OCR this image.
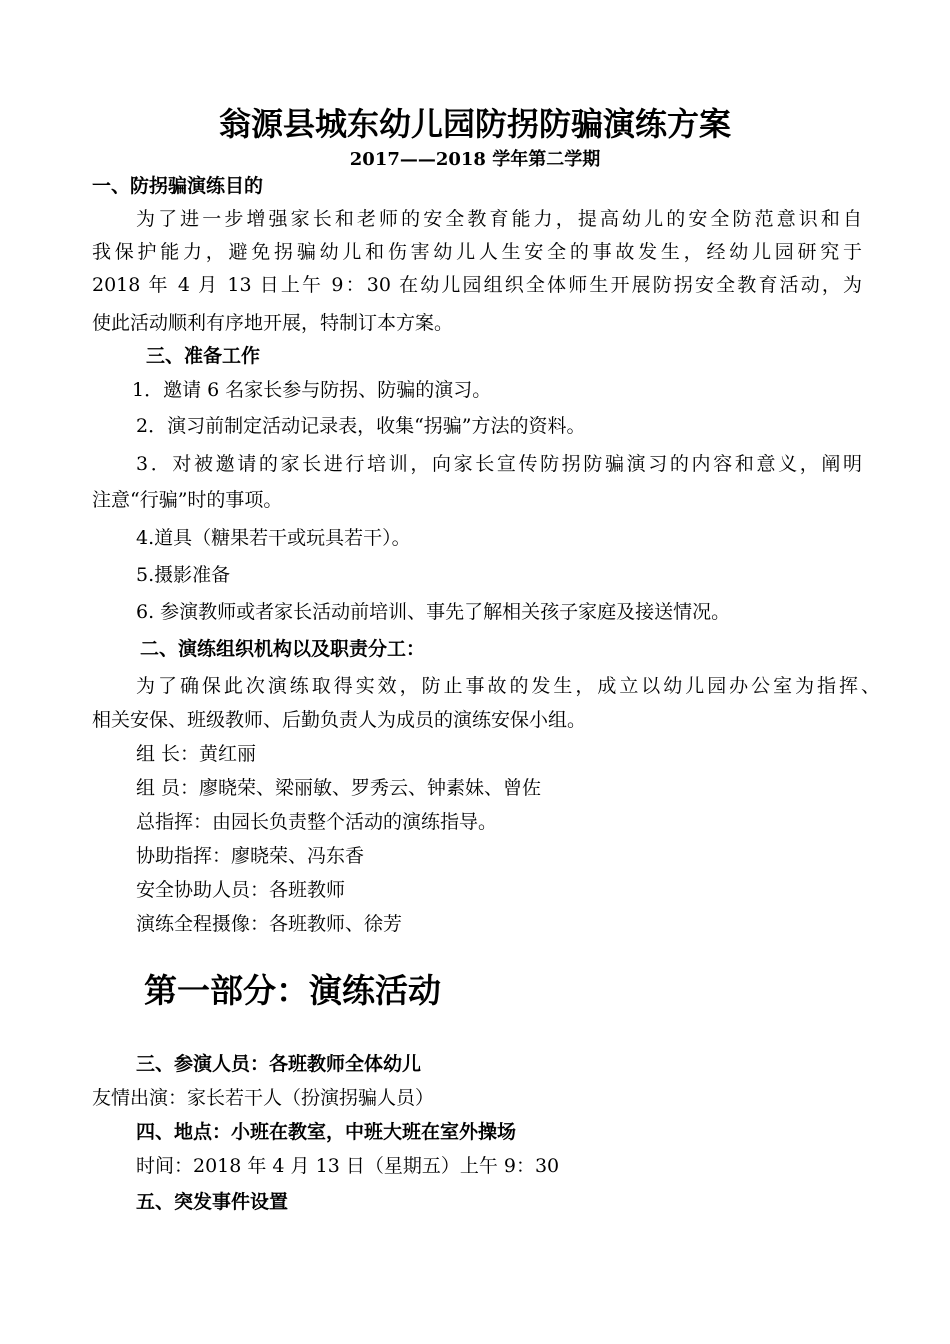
翁源县城东幼儿园防拐防骗演练方案
2017——2018 学年第二学期
一、防拐骗演练目的
为了进一步增强家长和老师的安全教育能力，提高幼儿的安全防范意识和自
我保护能力，避免拐骗幼儿和伤害幼儿人生安全的事故发生，经幼儿园研究于
2018 年 4 月 13 日上午 9：30 在幼儿园组织全体师生开展防拐安全教育活动，为
使此活动顺利有序地开展，特制订本方案。
三、准备工作
1．邀请 6 名家长参与防拐、防骗的演习。
2．演习前制定活动记录表，收集“拐骗”方法的资料。
3．对被邀请的家长进行培训，向家长宣传防拐防骗演习的内容和意义，阐明
注意“行骗”时的事项。
4.道具（糖果若干或玩具若干）。
5.摄影准备
6. 参演教师或者家长活动前培训、事先了解相关孩子家庭及接送情况。
二、演练组织机构以及职责分工：
为了确保此次演练取得实效，防止事故的发生，成立以幼儿园办公室为指挥、
相关安保、班级教师、后勤负责人为成员的演练安保小组。
组 长：黄红丽
组 员：廖晓荣、梁丽敏、罗秀云、钟素妹、曾佐
总指挥：由园长负责整个活动的演练指导。
协助指挥：廖晓荣、冯东香
安全协助人员：各班教师
演练全程摄像：各班教师、徐芳
第一部分：演练活动
三、参演人员：各班教师全体幼儿
友情出演：家长若干人（扮演拐骗人员）
四、地点：小班在教室，中班大班在室外操场
时间：2018 年 4 月 13 日（星期五）上午 9：30
五、突发事件设置
